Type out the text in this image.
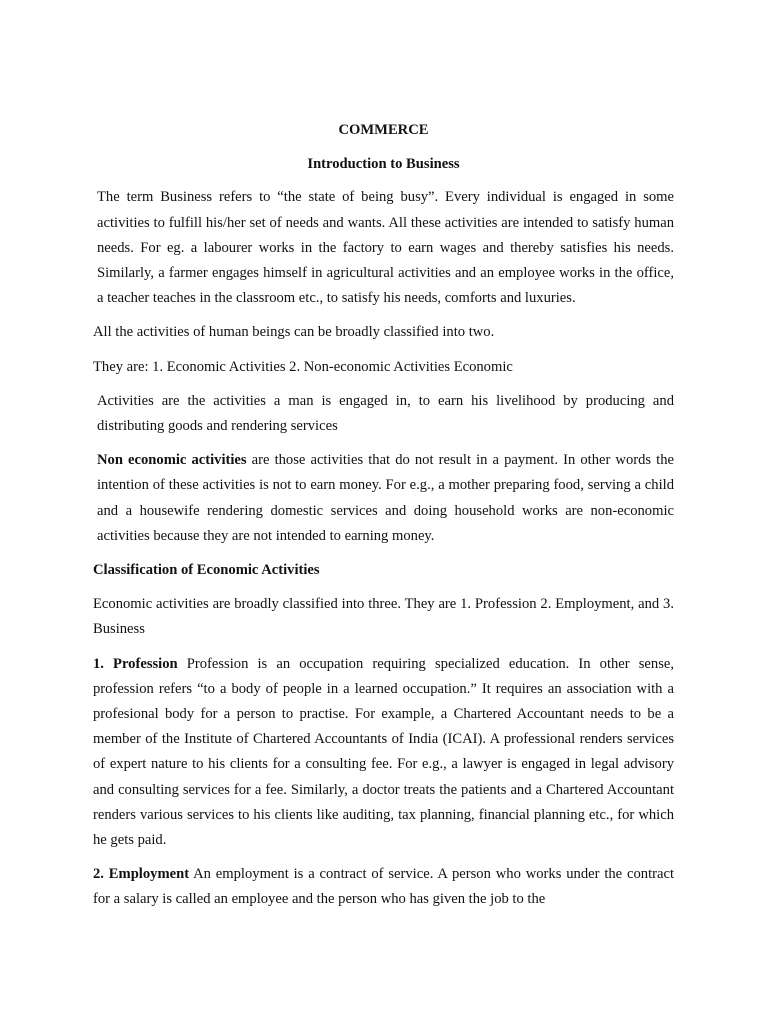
COMMERCE

Introduction to Business

The term Business refers to “the state of being busy”. Every individual is engaged in some activities to fulfill his/her set of needs and wants. All these activities are intended to satisfy human needs. For eg. a labourer works in the factory to earn wages and thereby satisfies his needs. Similarly, a farmer engages himself in agricultural activities and an employee works in the office, a teacher teaches in the classroom etc., to satisfy his needs, comforts and luxuries.

All the activities of human beings can be broadly classified into two.

They are: 1. Economic Activities 2. Non-economic Activities Economic

Activities are the activities a man is engaged in, to earn his livelihood by producing and distributing goods and rendering services

Non economic activities are those activities that do not result in a payment. In other words the intention of these activities is not to earn money. For e.g., a mother preparing food, serving a child and a housewife rendering domestic services and doing household works are non-economic activities because they are not intended to earning money.

Classification of Economic Activities

Economic activities are broadly classified into three. They are 1. Profession 2. Employment, and 3. Business

1. Profession Profession is an occupation requiring specialized education. In other sense, profession refers “to a body of people in a learned occupation.” It requires an association with a profesional body for a person to practise. For example, a Chartered Accountant needs to be a member of the Institute of Chartered Accountants of India (ICAI). A professional renders services of expert nature to his clients for a consulting fee. For e.g., a lawyer is engaged in legal advisory and consulting services for a fee. Similarly, a doctor treats the patients and a Chartered Accountant renders various services to his clients like auditing, tax planning, financial planning etc., for which he gets paid.

2. Employment An employment is a contract of service. A person who works under the contract for a salary is called an employee and the person who has given the job to the
